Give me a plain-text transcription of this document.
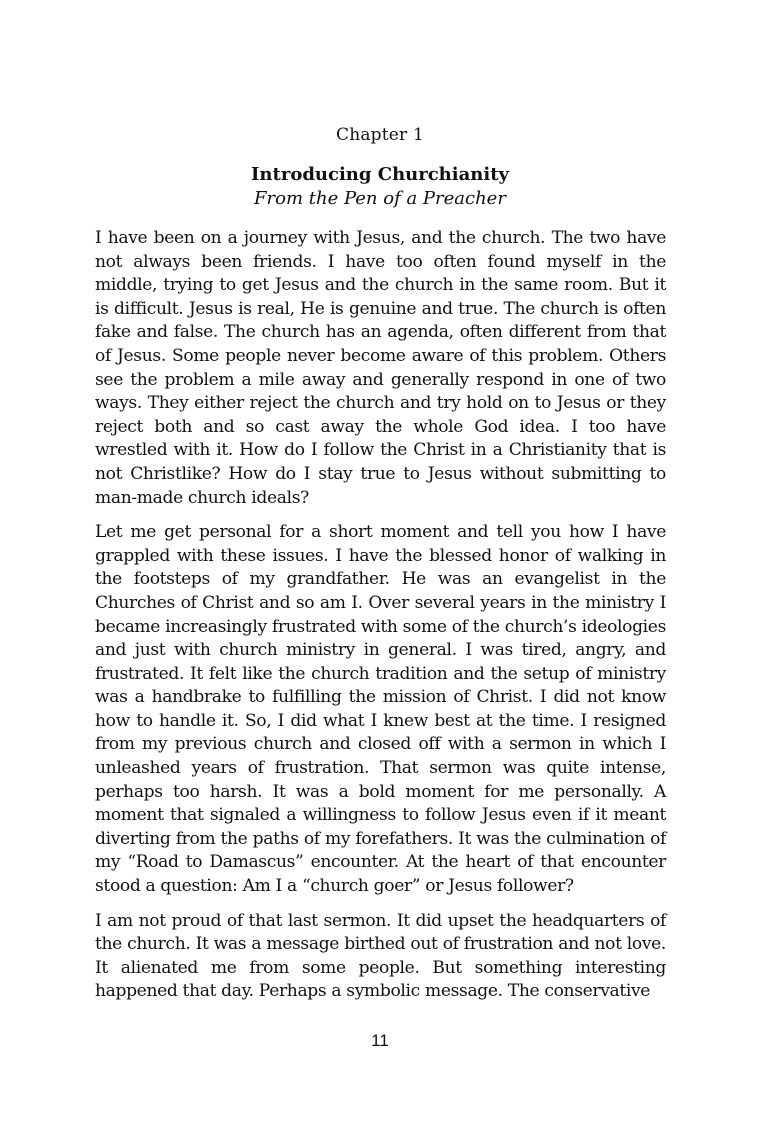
Chapter 1
Introducing Churchianity
From the Pen of a Preacher

I have been on a journey with Jesus, and the church. The two have not always been friends. I have too often found myself in the middle, trying to get Jesus and the church in the same room. But it is difficult. Jesus is real, He is genuine and true. The church is often fake and false. The church has an agenda, often different from that of Jesus. Some people never become aware of this problem. Others see the problem a mile away and generally respond in one of two ways. They either reject the church and try hold on to Jesus or they reject both and so cast away the whole God idea. I too have wrestled with it. How do I follow the Christ in a Christianity that is not Christlike? How do I stay true to Jesus without submitting to man-made church ideals?

Let me get personal for a short moment and tell you how I have grappled with these issues. I have the blessed honor of walking in the footsteps of my grandfather. He was an evangelist in the Churches of Christ and so am I. Over several years in the ministry I became increasingly frustrated with some of the church’s ideologies and just with church ministry in general. I was tired, angry, and frustrated. It felt like the church tradition and the setup of ministry was a handbrake to fulfilling the mission of Christ. I did not know how to handle it. So, I did what I knew best at the time. I resigned from my previous church and closed off with a sermon in which I unleashed years of frustration. That sermon was quite intense, perhaps too harsh. It was a bold moment for me personally. A moment that signaled a willingness to follow Jesus even if it meant diverting from the paths of my forefathers. It was the culmination of my “Road to Damascus” encounter. At the heart of that encounter stood a question: Am I a “church goer” or Jesus follower?

I am not proud of that last sermon. It did upset the headquarters of the church. It was a message birthed out of frustration and not love. It alienated me from some people. But something interesting happened that day. Perhaps a symbolic message. The conservative

11
